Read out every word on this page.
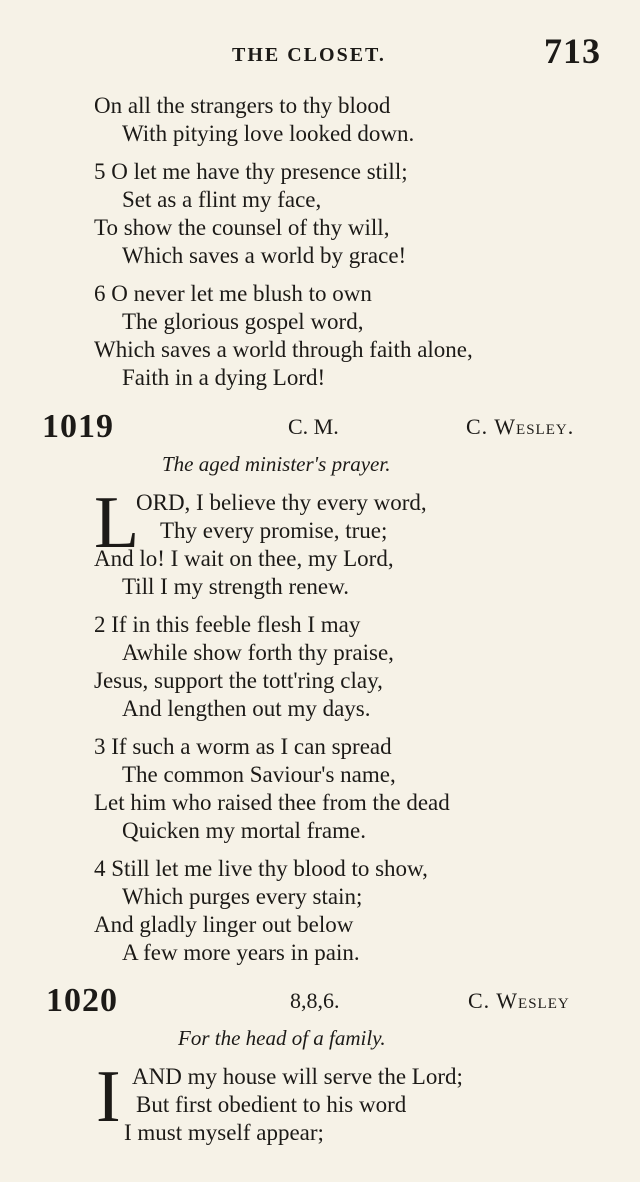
THE CLOSET.	713
On all the strangers to thy blood
With pitying love looked down.
5 O let me have thy presence still;
Set as a flint my face,
To show the counsel of thy will,
Which saves a world by grace!
6 O never let me blush to own
The glorious gospel word,
Which saves a world through faith alone,
Faith in a dying Lord!
1019	C. M.	C. Wesley.
The aged minister's prayer.
L
ORD, I believe thy every word,
Thy every promise, true;
And lo! I wait on thee, my Lord,
Till I my strength renew.
2 If in this feeble flesh I may
Awhile show forth thy praise,
Jesus, support the tott'ring clay,
And lengthen out my days.
3 If such a worm as I can spread
The common Saviour's name,
Let him who raised thee from the dead
Quicken my mortal frame.
4 Still let me live thy blood to show,
Which purges every stain;
And gladly linger out below
A few more years in pain.
1020	8,8,6.	C. Wesley
For the head of a family.
I AND my house will serve the Lord;
But first obedient to his word
I must myself appear;
